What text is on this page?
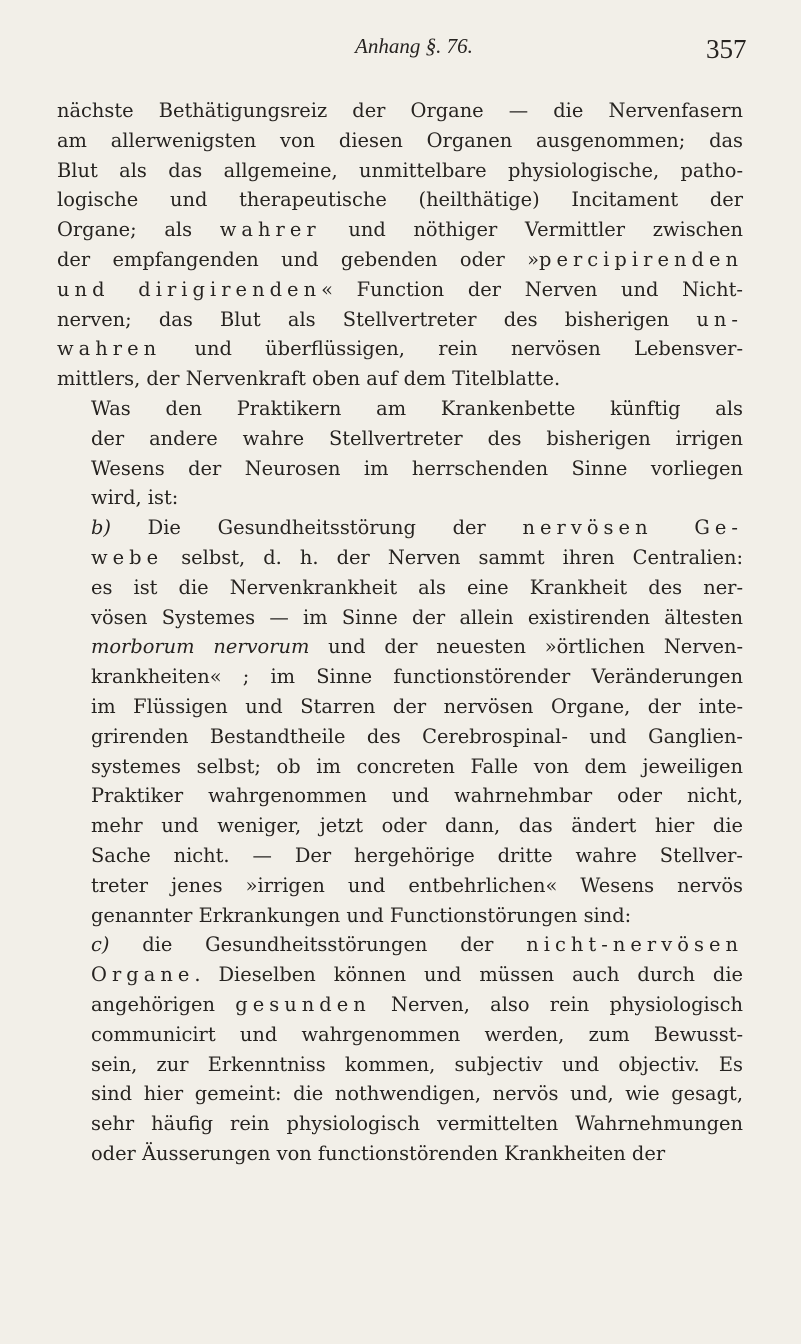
Anhang §. 76.	357

nächste Bethätigungsreiz der Organe — die Nervenfasern
am allerwenigsten von diesen Organen ausgenommen; das
Blut als das allgemeine, unmittelbare physiologische, patho-
logische und therapeutische (heilthätige) Incitament der
Organe; als wahrer und nöthiger Vermittler zwischen
der empfangenden und gebenden oder »percipirenden
und dirigirenden« Function der Nerven und Nicht-
nerven; das Blut als Stellvertreter des bisherigen un-
wahren und überflüssigen, rein nervösen Lebensver-
mittlers, der Nervenkraft oben auf dem Titelblatte.

Was den Praktikern am Krankenbette künftig als
der andere wahre Stellvertreter des bisherigen irrigen
Wesens der Neurosen im herrschenden Sinne vorliegen
wird, ist:

b) Die Gesundheitsstörung der nervösen Ge-
webe selbst, d. h. der Nerven sammt ihren Centralien:
es ist die Nervenkrankheit als eine Krankheit des ner-
vösen Systemes — im Sinne der allein existirenden ältesten
morborum nervorum und der neuesten »örtlichen Nerven-
krankheiten« ; im Sinne functionstörender Veränderungen
im Flüssigen und Starren der nervösen Organe, der inte-
grirenden Bestandtheile des Cerebrospinal- und Ganglien-
systemes selbst; ob im concreten Falle von dem jeweiligen
Praktiker wahrgenommen und wahrnehmbar oder nicht,
mehr und weniger, jetzt oder dann, das ändert hier die
Sache nicht. — Der hergehörige dritte wahre Stellver-
treter jenes »irrigen und entbehrlichen« Wesens nervös
genannter Erkrankungen und Functionstörungen sind:

c) die Gesundheitsstörungen der nicht-nervösen
Organe. Dieselben können und müssen auch durch die
angehörigen gesunden Nerven, also rein physiologisch
communicirt und wahrgenommen werden, zum Bewusst-
sein, zur Erkenntniss kommen, subjectiv und objectiv. Es
sind hier gemeint: die nothwendigen, nervös und, wie gesagt,
sehr häufig rein physiologisch vermittelten Wahrnehmungen
oder Äusserungen von functionstörenden Krankheiten der
